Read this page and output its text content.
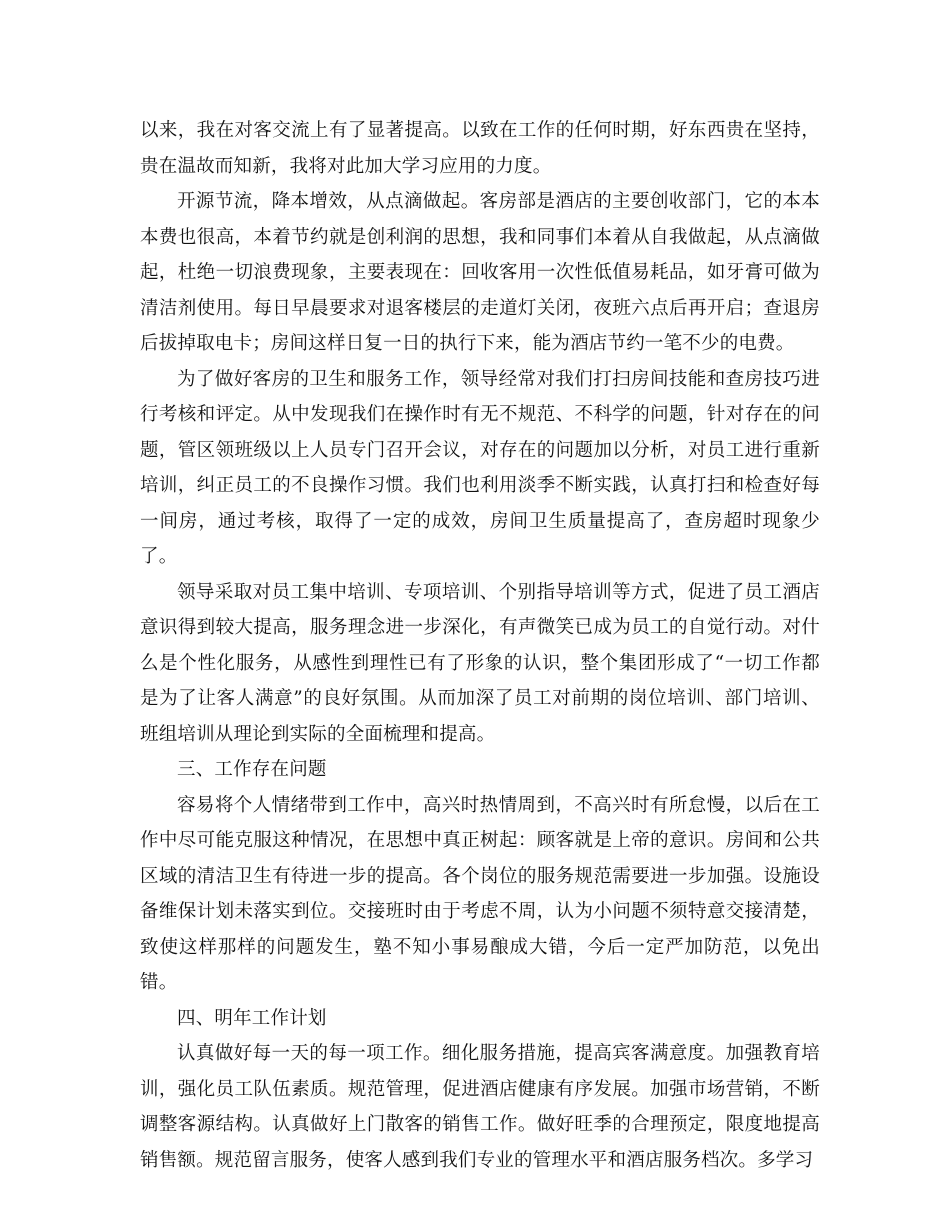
以来，我在对客交流上有了显著提高。以致在工作的任何时期，好东西贵在坚持，贵在温故而知新，我将对此加大学习应用的力度。

开源节流，降本增效，从点滴做起。客房部是酒店的主要创收部门，它的本本本费也很高，本着节约就是创利润的思想，我和同事们本着从自我做起，从点滴做起，杜绝一切浪费现象，主要表现在：回收客用一次性低值易耗品，如牙膏可做为清洁剂使用。每日早晨要求对退客楼层的走道灯关闭，夜班六点后再开启；查退房后拔掉取电卡；房间这样日复一日的执行下来，能为酒店节约一笔不少的电费。

为了做好客房的卫生和服务工作，领导经常对我们打扫房间技能和查房技巧进行考核和评定。从中发现我们在操作时有无不规范、不科学的问题，针对存在的问题，管区领班级以上人员专门召开会议，对存在的问题加以分析，对员工进行重新培训，纠正员工的不良操作习惯。我们也利用淡季不断实践，认真打扫和检查好每一间房，通过考核，取得了一定的成效，房间卫生质量提高了，查房超时现象少了。

领导采取对员工集中培训、专项培训、个别指导培训等方式，促进了员工酒店意识得到较大提高，服务理念进一步深化，有声微笑已成为员工的自觉行动。对什么是个性化服务，从感性到理性已有了形象的认识，整个集团形成了“一切工作都是为了让客人满意”的良好氛围。从而加深了员工对前期的岗位培训、部门培训、班组培训从理论到实际的全面梳理和提高。

三、工作存在问题

容易将个人情绪带到工作中，高兴时热情周到，不高兴时有所怠慢，以后在工作中尽可能克服这种情况，在思想中真正树起：顾客就是上帝的意识。房间和公共区域的清洁卫生有待进一步的提高。各个岗位的服务规范需要进一步加强。设施设备维保计划未落实到位。交接班时由于考虑不周，认为小问题不须特意交接清楚，致使这样那样的问题发生，塾不知小事易酿成大错，今后一定严加防范，以免出错。

四、明年工作计划

认真做好每一天的每一项工作。细化服务措施，提高宾客满意度。加强教育培训，强化员工队伍素质。规范管理，促进酒店健康有序发展。加强市场营销，不断调整客源结构。认真做好上门散客的销售工作。做好旺季的合理预定，限度地提高销售额。规范留言服务，使客人感到我们专业的管理水平和酒店服务档次。多学习
